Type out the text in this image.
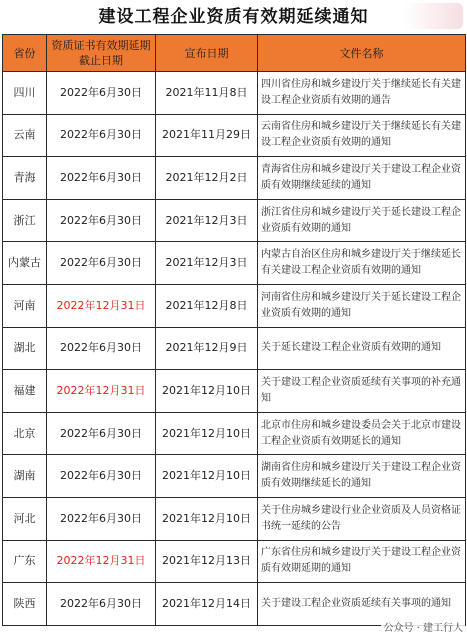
建设工程企业资质有效期延续通知
省份	资质证书有效期延期截止日期	宣布日期	文件名称
四川	2022年6月30日	2021年11月8日	四川省住房和城乡建设厅关于继续延长有关建设工程企业资质有效期的通告
云南	2022年6月30日	2021年11月29日	云南省住房和城乡建设厅关于继续延长有关建设工程企业资质有效期的通知
青海	2022年6月30日	2021年12月2日	青海省住房和城乡建设厅关于建设工程企业资质有效期继续延续的通知
浙江	2022年6月30日	2021年12月3日	浙江省住房和城乡建设厅关于延长建设工程企业资质有效期的通知
内蒙古	2022年6月30日	2021年12月3日	内蒙古自治区住房和城乡建设厅关于继续延长有关建设工程企业资质有效期的通知
河南	2022年12月31日	2021年12月8日	河南省住房和城乡建设厅关于延长建设工程企业资质有效期的通知
湖北	2022年6月30日	2021年12月9日	关于延长建设工程企业资质有效期的通知
福建	2022年12月31日	2021年12月10日	关于建设工程企业资质延续有关事项的补充通知
北京	2022年6月30日	2021年12月10日	北京市住房和城乡建设委员会关于北京市建设工程企业资质有效期延长的通知
湖南	2022年6月30日	2021年12月10日	湖南省住房和城乡建设厅关于建设工程企业资质有效期继续延长的通知
河北	2022年6月30日	2021年12月10日	关于住房城乡建设行业企业资质及人员资格证书统一延续的公告
广东	2022年12月31日	2021年12月13日	广东省住房和城乡建设厅关于建设工程企业资质有效期延期的通知
陕西	2022年6月30日	2021年12月14日	关于建设工程企业资质延续有关事项的通知
公众号 · 建工行人
